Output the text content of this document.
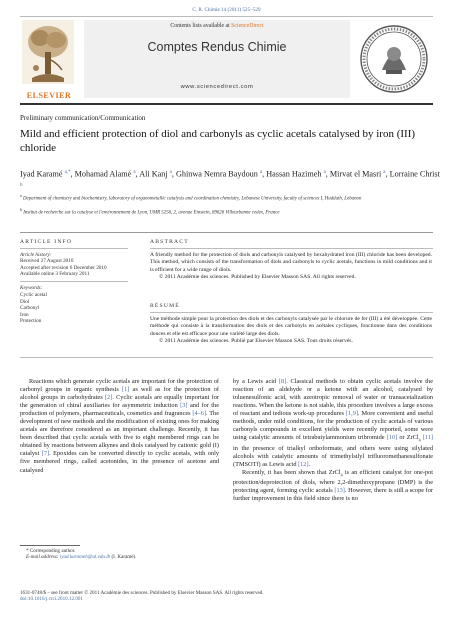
C. R. Chimie 14 (2011) 525–529
ELSEVIER
Contents lists available at ScienceDirect
Comptes Rendus Chimie
www.sciencedirect.com
Preliminary communication/Communication
Mild and efficient protection of diol and carbonyls as cyclic acetals catalysed by iron (III) chloride
Iyad Karamé $^{a,*}$, Mohamad Alamé $^a$, Ali Kanj $^a$, Ghinwa Nemra Baydoun $^a$, Hassan Hazimeh $^a$, Mirvat el Masri $^a$, Lorraine Christ $^b$
$^a$ Department of chemistry and biochemistry, laboratory of organometallic catalysis and coordination chemistry, Lebanese University, faculty of sciences I, Haddath, Lebanon
$^b$ Institut de recherche sur la catalyse et l'environnement de Lyon, UMR 5256, 2, avenue Einstein, 69626 Villeurbanne cedex, France
ARTICLE INFO
Article history:
Received 27 August 2010
Accepted after revision 6 December 2010
Available online 3 February 2011
Keywords:
Cyclic acetal
Diol
Carbonyl
Iron
Protection
ABSTRACT
A friendly method for the protection of diols and carbonyls catalysed by hexahydrated iron (III) chloride has been developed. This method, which consists of the transformation of diols and carbonyls to cyclic acetals, functions in mild conditions and it is efficient for a wide range of diols.
© 2011 Académie des sciences. Published by Elsevier Masson SAS. All rights reserved.
RÉSUMÉ
Une méthode simple pour la protection des diols et des carbonyls catalysée par le chlorure de fer (III) a été développée. Cette méthode qui consiste à la transformation des diols et des carbonyls en acétales cycliques, fonctionne dans des conditions douces et elle est efficace pour une variété large des diols.
© 2011 Académie des sciences. Publié par Elsevier Masson SAS. Tous droits réservés.

Reactions which generate cyclic acetals are important for the protection of carbonyl groups in organic synthesis [1] as well as for the protection of alcohol groups in carbohydrates [2]. Cyclic acetals are equally important for the generation of chiral auxiliaries for asymmetric induction [3] and for the production of polymers, pharmaceuticals, cosmetics and fragrances [4–6]. The development of new methods and the modification of existing ones for making acetals are therefore considered as an important challenge. Recently, it has been described that cyclic acetals with five to eight membered rings can be obtained by reactions between alkynes and diols catalysed by cationic gold (I) catalyst [7]. Epoxides can be converted directly to cyclic acetals, with only five membered rings, called acetonides, in the presence of acetone and catalysed

by a Lewis acid [8]. Classical methods to obtain cyclic acetals involve the reaction of an aldehyde or a ketone with an alcohol, catalysed by toluenesulfonic acid, with azeotropic removal of water or transacetalization reactions. When the ketone is not stable, this procedure involves a large excess of reactant and tedious work-up procedures [1,9]. More convenient and useful methods, under mild conditions, for the production of cyclic acetals of various carbonyls compounds in excellent yields were recently reported, some were using catalytic amounts of tetrabutylammonium tribromide [10] or ZrCl$_4$ [11] in the presence of trialkyl orthoformate, and others were using silylated alcohols with catalytic amounts of trimethylsilyl trifluoromethanesulfonate (TMSOTf) as Lewis acid [12].

Recently, it has been shown that ZrCl$_4$ is an efficient catalyst for one-pot protection/deprotection of diols, where 2,2-dimethoxypropane (DMP) is the protecting agent, forming cyclic acetals [13]. However, there is still a scope for further improvement in this field since there is no

* Corresponding author.
E-mail address: iyad.karameh@ul.edu.lb (I. Karamé).
1631-0748/$ – see front matter © 2011 Académie des sciences. Published by Elsevier Masson SAS. All rights reserved.
doi:10.1016/j.crci.2010.12.001
